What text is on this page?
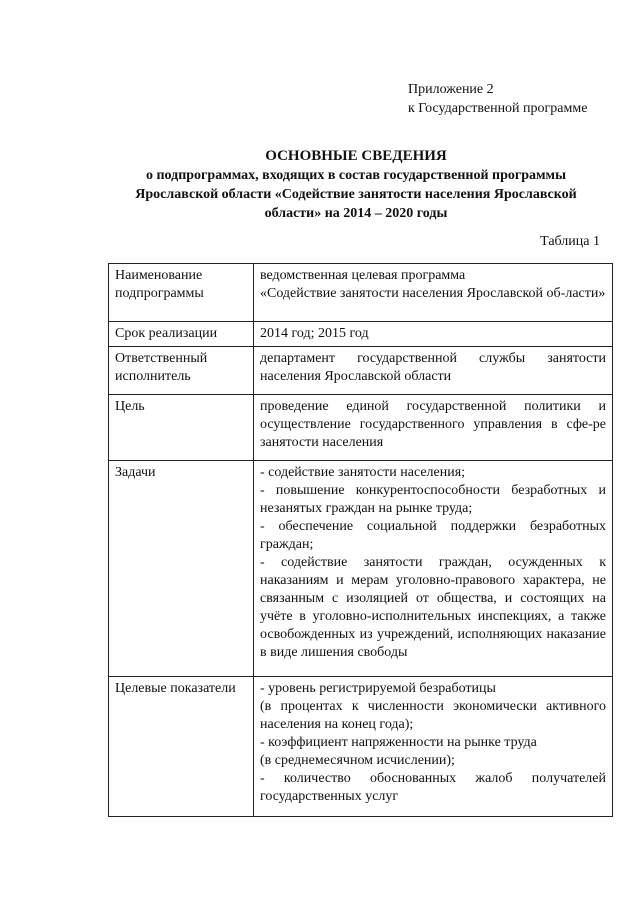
Приложение 2
к Государственной программе
ОСНОВНЫЕ СВЕДЕНИЯ
о подпрограммах, входящих в состав государственной программы
Ярославской области «Содействие занятости населения Ярославской
области» на 2014 – 2020 годы
Таблица 1
Наименование
подпрограммы	ведомственная целевая программа
«Содействие занятости населения Ярославской об-ласти»

Срок реализации	2014 год; 2015 год

Ответственный
исполнитель	департамент государственной службы занятости населения Ярославской области

Цель	проведение единой государственной политики и осуществление государственного управления в сфе-ре занятости населения

Задачи	- содействие занятости населения;
- повышение конкурентоспособности безработных и незанятых граждан на рынке труда;
- обеспечение социальной поддержки безработных граждан;
- содействие занятости граждан, осужденных к наказаниям и мерам уголовно-правового характера, не связанным с изоляцией от общества, и состоящих на учёте в уголовно-исполнительных инспекциях, а также освобожденных из учреждений, исполняющих наказание в виде лишения свободы

Целевые показатели	- уровень регистрируемой безработицы
(в процентах к численности экономически активного населения на конец года);
- коэффициент напряженности на рынке труда
(в среднемесячном исчислении);
- количество обоснованных жалоб получателей государственных услуг
